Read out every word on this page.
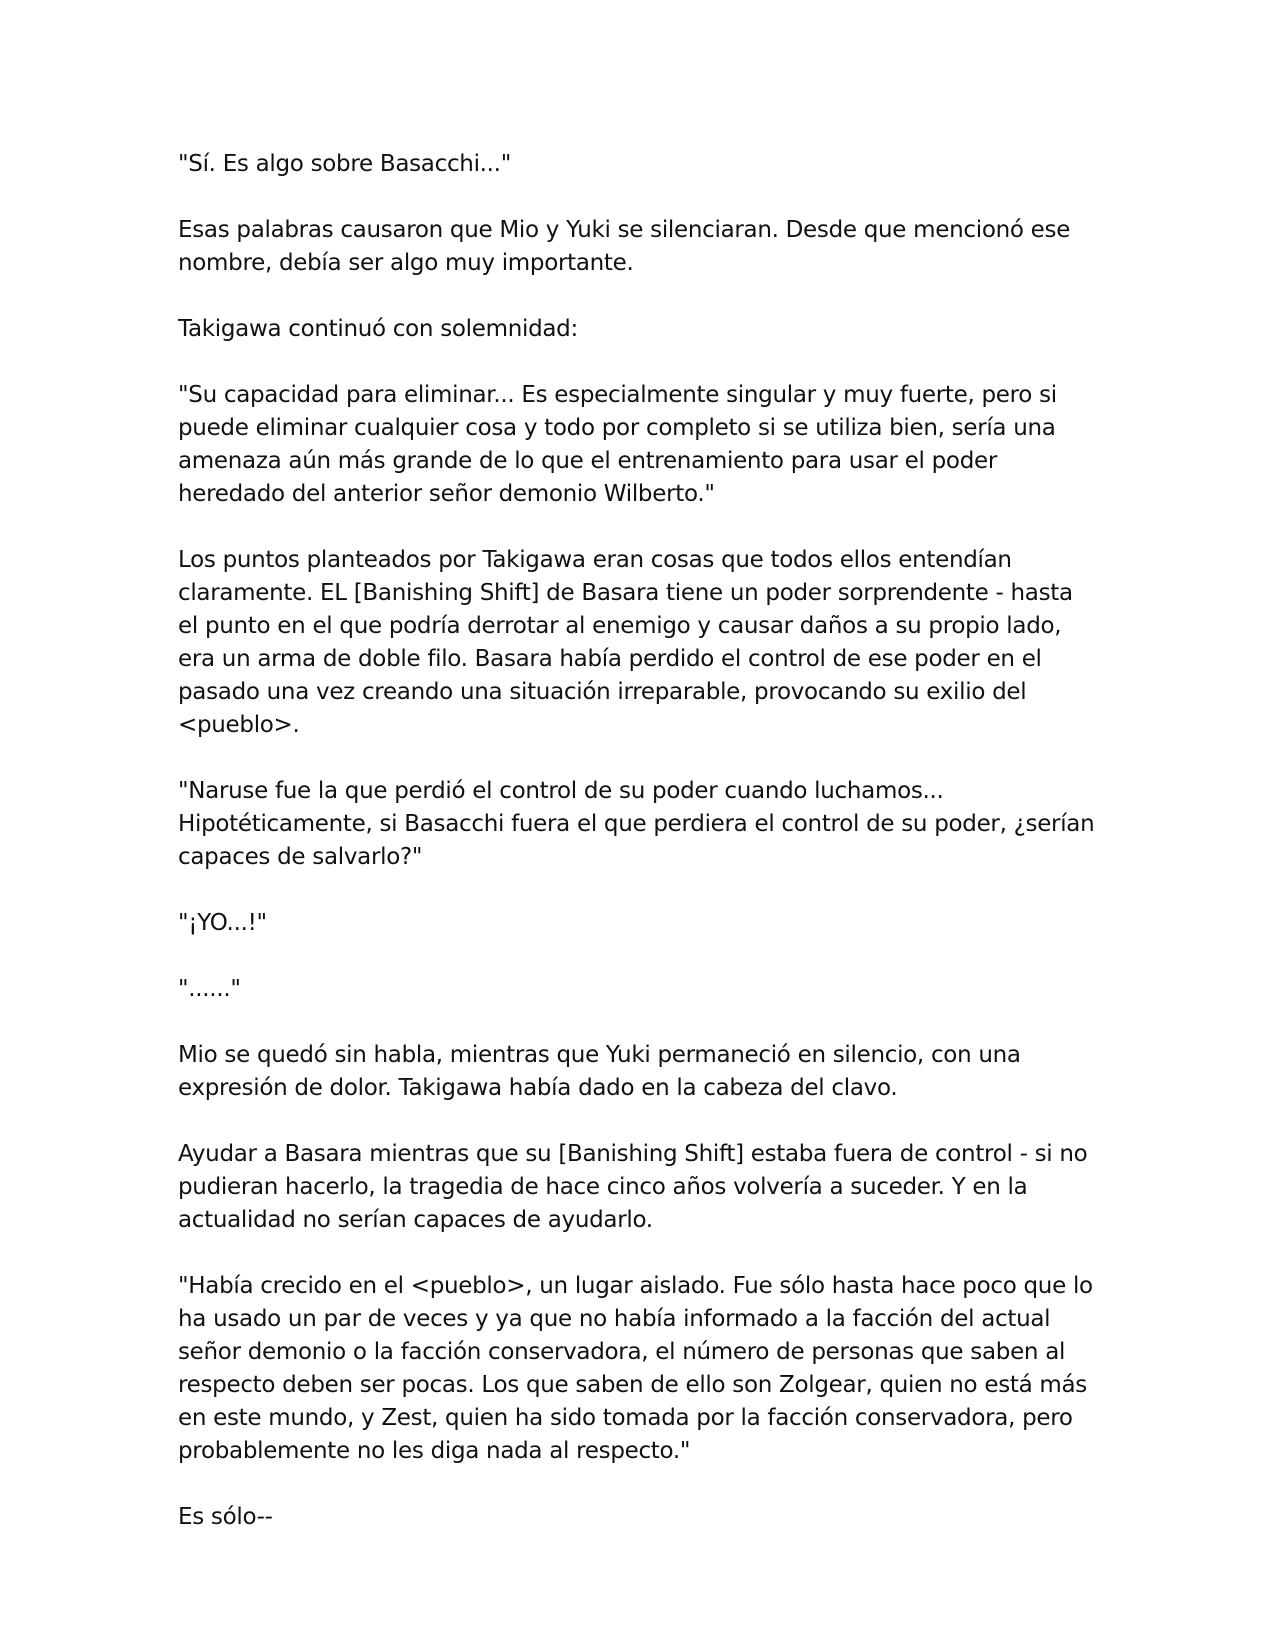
"Sí. Es algo sobre Basacchi..."

Esas palabras causaron que Mio y Yuki se silenciaran. Desde que mencionó ese nombre, debía ser algo muy importante.

Takigawa continuó con solemnidad:

"Su capacidad para eliminar... Es especialmente singular y muy fuerte, pero si puede eliminar cualquier cosa y todo por completo si se utiliza bien, sería una amenaza aún más grande de lo que el entrenamiento para usar el poder heredado del anterior señor demonio Wilberto."

Los puntos planteados por Takigawa eran cosas que todos ellos entendían claramente. EL [Banishing Shift] de Basara tiene un poder sorprendente - hasta el punto en el que podría derrotar al enemigo y causar daños a su propio lado, era un arma de doble filo. Basara había perdido el control de ese poder en el pasado una vez creando una situación irreparable, provocando su exilio del <pueblo>.

"Naruse fue la que perdió el control de su poder cuando luchamos... Hipotéticamente, si Basacchi fuera el que perdiera el control de su poder, ¿serían capaces de salvarlo?"

"¡YO...!"

"......"

Mio se quedó sin habla, mientras que Yuki permaneció en silencio, con una expresión de dolor. Takigawa había dado en la cabeza del clavo.

Ayudar a Basara mientras que su [Banishing Shift] estaba fuera de control - si no pudieran hacerlo, la tragedia de hace cinco años volvería a suceder. Y en la actualidad no serían capaces de ayudarlo.

"Había crecido en el <pueblo>, un lugar aislado. Fue sólo hasta hace poco que lo ha usado un par de veces y ya que no había informado a la facción del actual señor demonio o la facción conservadora, el número de personas que saben al respecto deben ser pocas. Los que saben de ello son Zolgear, quien no está más en este mundo, y Zest, quien ha sido tomada por la facción conservadora, pero probablemente no les diga nada al respecto."

Es sólo--
